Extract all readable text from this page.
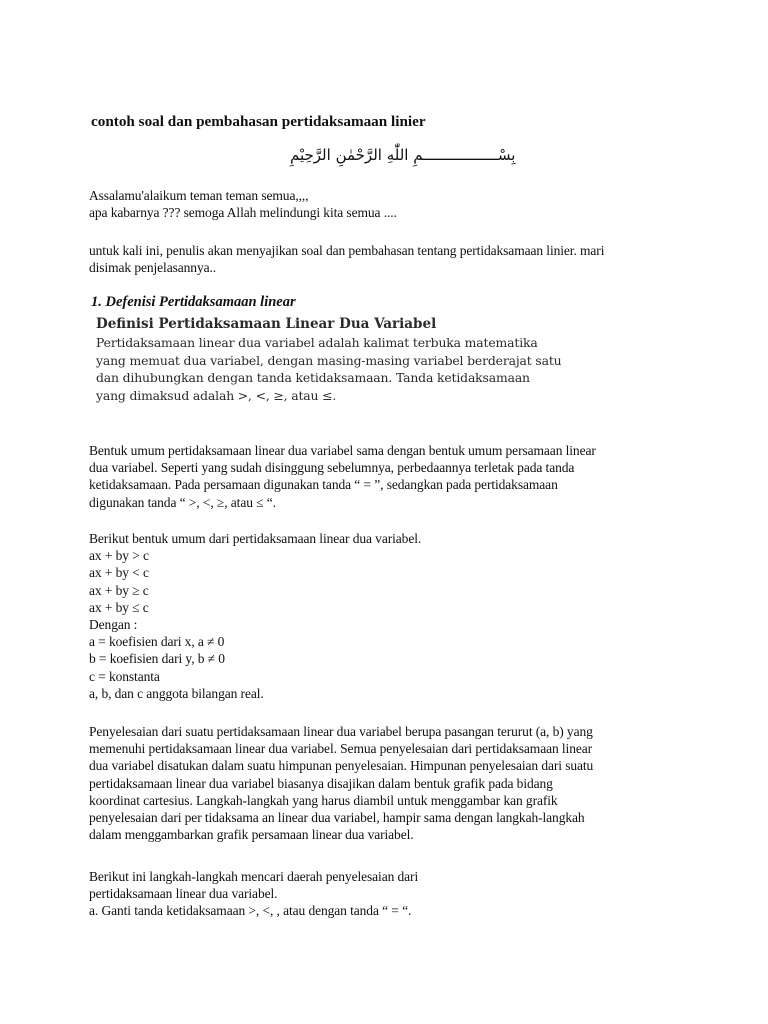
contoh soal dan pembahasan pertidaksamaan linier
بِسْـــــــــــــــــمِ اللّٰهِ الرَّحْمٰنِ الرَّحِيْمِ
Assalamu'alaikum teman teman semua,,,,
apa kabarnya ??? semoga Allah melindungi kita semua ....
untuk kali ini, penulis akan menyajikan soal dan pembahasan tentang pertidaksamaan linier. mari
disimak penjelasannya..
1. Defenisi Pertidaksamaan linear
Definisi Pertidaksamaan Linear Dua Variabel
Pertidaksamaan linear dua variabel adalah kalimat terbuka matematika
yang memuat dua variabel, dengan masing-masing variabel berderajat satu
dan dihubungkan dengan tanda ketidaksamaan. Tanda ketidaksamaan
yang dimaksud adalah >, <, ≥, atau ≤.
Bentuk umum pertidaksamaan linear dua variabel sama dengan bentuk umum persamaan linear
dua variabel. Seperti yang sudah disinggung sebelumnya, perbedaannya terletak pada tanda
ketidaksamaan. Pada persamaan digunakan tanda “ = ”, sedangkan pada pertidaksamaan
digunakan tanda “ >, <, ≥, atau ≤ “.
Berikut bentuk umum dari pertidaksamaan linear dua variabel.
ax + by > c
ax + by < c
ax + by ≥ c
ax + by ≤ c
Dengan :
a = koefisien dari x, a ≠ 0
b = koefisien dari y, b ≠ 0
c = konstanta
a, b, dan c anggota bilangan real.
Penyelesaian dari suatu pertidaksamaan linear dua variabel berupa pasangan terurut (a, b) yang
memenuhi pertidaksamaan linear dua variabel. Semua penyelesaian dari pertidaksamaan linear
dua variabel disatukan dalam suatu himpunan penyelesaian. Himpunan penyelesaian dari suatu
pertidaksamaan linear dua variabel biasanya disajikan dalam bentuk grafik pada bidang
koordinat cartesius. Langkah-langkah yang harus diambil untuk menggambar kan grafik
penyelesaian dari per tidaksama an linear dua variabel, hampir sama dengan langkah-langkah
dalam menggambarkan grafik persamaan linear dua variabel.
Berikut ini langkah-langkah mencari daerah penyelesaian dari
pertidaksamaan linear dua variabel.
a. Ganti tanda ketidaksamaan >, <, , atau dengan tanda “ = “.
